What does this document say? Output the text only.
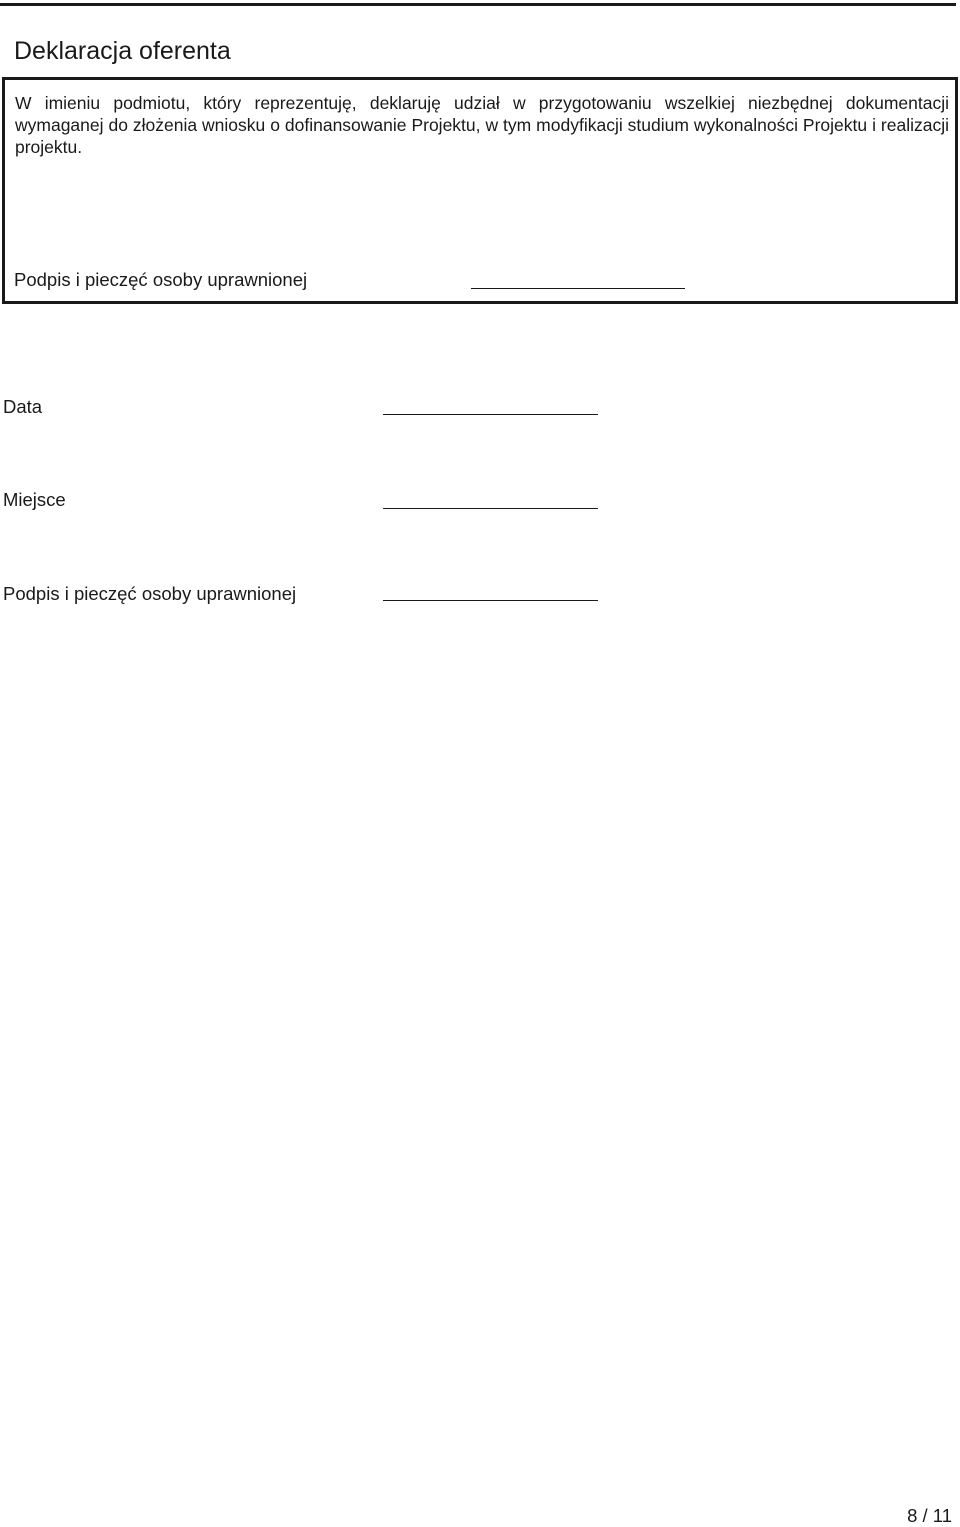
Deklaracja oferenta

W imieniu podmiotu, który reprezentuję, deklaruję udział w przygotowaniu wszelkiej niezbędnej dokumentacji wymaganej do złożenia wniosku o dofinansowanie Projektu, w tym modyfikacji studium wykonalności Projektu i realizacji projektu.

Podpis i pieczęć osoby uprawnionej
Data
Miejsce
Podpis i pieczęć osoby uprawnionej
8 / 11
